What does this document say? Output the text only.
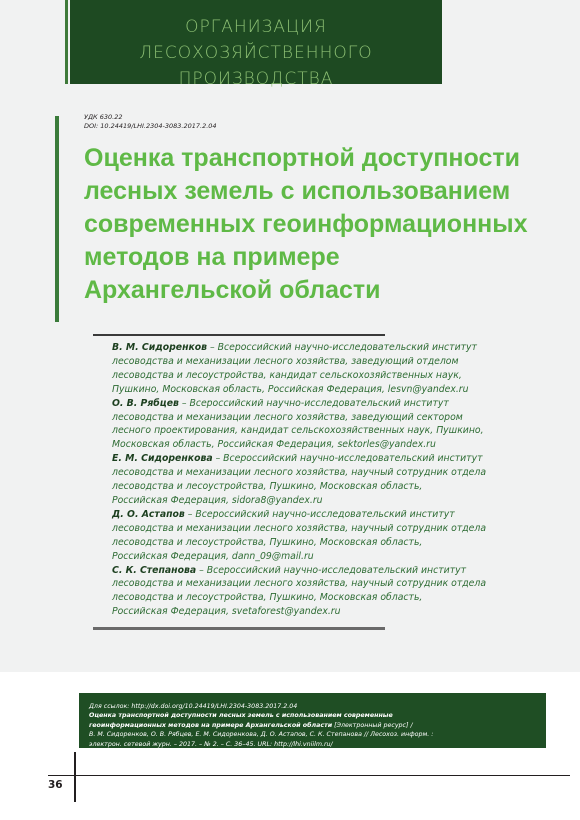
ОРГАНИЗАЦИЯ ЛЕСОХОЗЯЙСТВЕННОГО
ПРОИЗВОДСТВА
УДК 630.22
DOI: 10.24419/LHI.2304-3083.2017.2.04
Оценка транспортной доступности
лесных земель с использованием
современных геоинформационных
методов на примере
Архангельской области

В. М. Сидоренков – Всероссийский научно-исследовательский институт

лесоводства и механизации лесного хозяйства, заведующий отделом

лесоводства и лесоустройства, кандидат сельскохозяйственных наук,

Пушкино, Московская область, Российская Федерация, lesvn@yandex.ru

О. В. Рябцев – Всероссийский научно-исследовательский институт

лесоводства и механизации лесного хозяйства, заведующий сектором

лесного проектирования, кандидат сельскохозяйственных наук, Пушкино,

Московская область, Российская Федерация, sektorles@yandex.ru

Е. М. Сидоренкова – Всероссийский научно-исследовательский институт

лесоводства и механизации лесного хозяйства, научный сотрудник отдела

лесоводства и лесоустройства, Пушкино, Московская область,

Российская Федерация, sidora8@yandex.ru

Д. О. Астапов – Всероссийский научно-исследовательский институт

лесоводства и механизации лесного хозяйства, научный сотрудник отдела

лесоводства и лесоустройства, Пушкино, Московская область,

Российская Федерация, dann_09@mail.ru

С. К. Степанова – Всероссийский научно-исследовательский институт

лесоводства и механизации лесного хозяйства, научный сотрудник отдела

лесоводства и лесоустройства, Пушкино, Московская область,

Российская Федерация, svetaforest@yandex.ru

Для ссылок: http://dx.doi.org/10.24419/LHI.2304-3083.2017.2.04
Оценка транспортной доступности лесных земель с использованием современные
геоинформационных методов на примере Архангельской области [Электронный ресурс] /
В. М. Сидоренков, О. В. Рябцев, Е. М. Сидоренкова, Д. О. Астапов, С. К. Степанова // Лесохоз. информ. :
электрон. сетевой журн. – 2017. – № 2. – С. 36–45. URL: http://lhi.vniilm.ru/
36
